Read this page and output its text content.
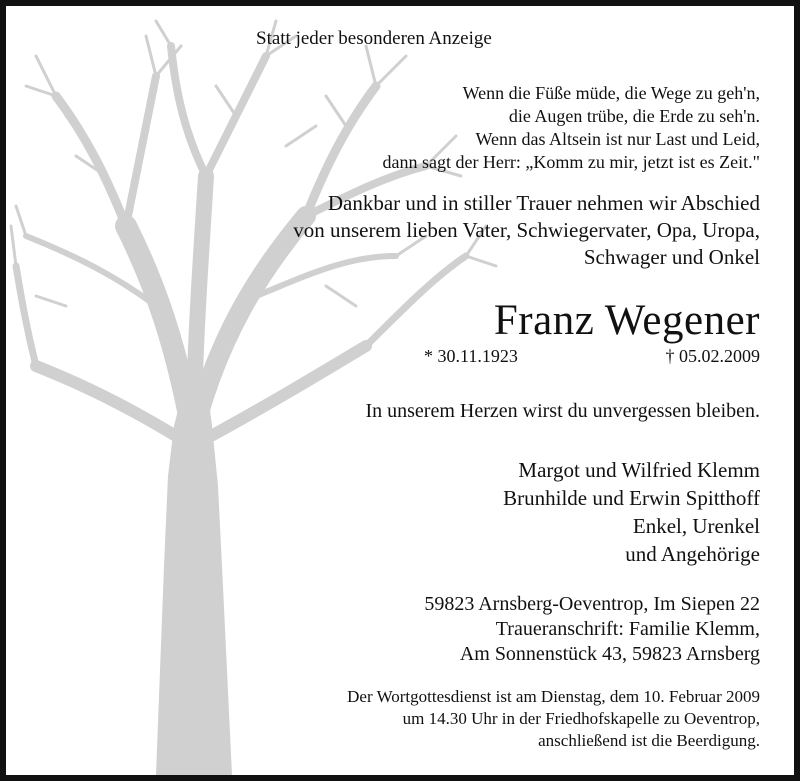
Statt jeder besonderen Anzeige
Wenn die Füße müde, die Wege zu geh'n,
die Augen trübe, die Erde zu seh'n.
Wenn das Altsein ist nur Last und Leid,
dann sagt der Herr: „Komm zu mir, jetzt ist es Zeit."
Dankbar und in stiller Trauer nehmen wir Abschied
von unserem lieben Vater, Schwiegervater, Opa, Uropa,
Schwager und Onkel
Franz Wegener
* 30.11.1923	† 05.02.2009
In unserem Herzen wirst du unvergessen bleiben.
Margot und Wilfried Klemm
Brunhilde und Erwin Spitthoff
Enkel, Urenkel
und Angehörige
59823 Arnsberg-Oeventrop, Im Siepen 22
Traueranschrift: Familie Klemm,
Am Sonnenstück 43, 59823 Arnsberg
Der Wortgottesdienst ist am Dienstag, dem 10. Februar 2009
um 14.30 Uhr in der Friedhofskapelle zu Oeventrop,
anschließend ist die Beerdigung.
